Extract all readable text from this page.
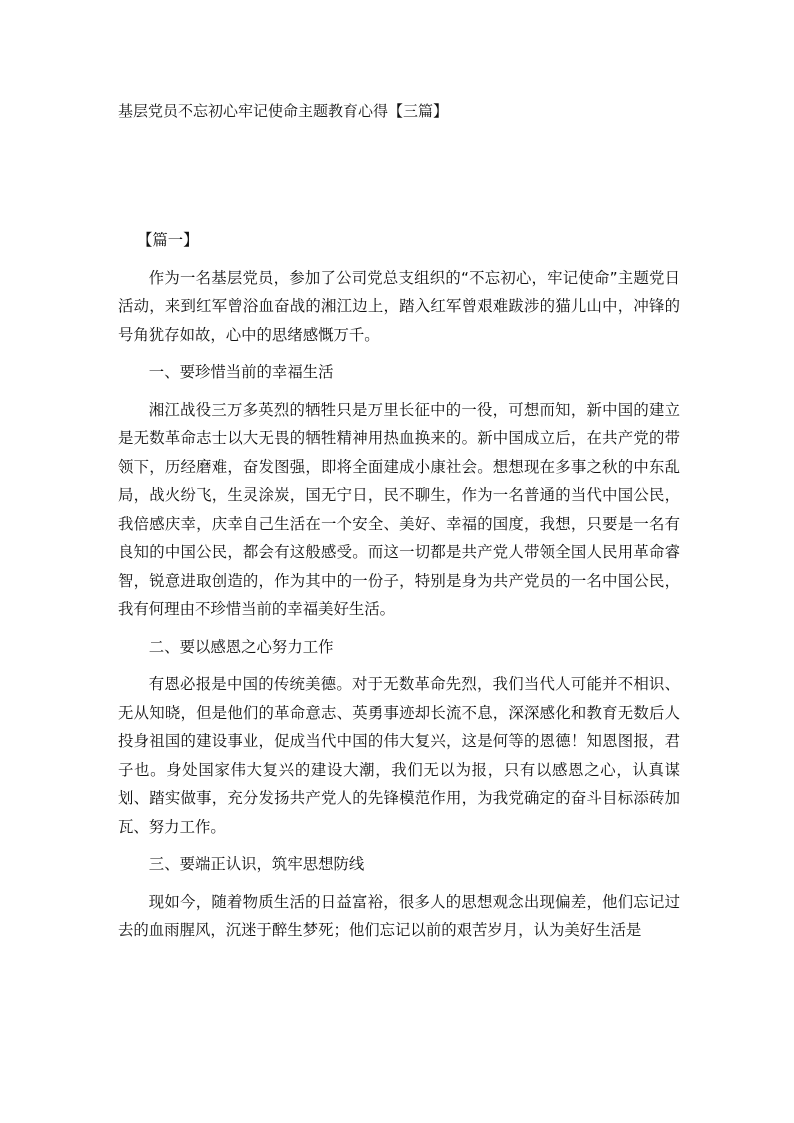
基层党员不忘初心牢记使命主题教育心得【三篇】

【篇一】

作为一名基层党员，参加了公司党总支组织的“不忘初心，牢记使命”主题党日活动，来到红军曾浴血奋战的湘江边上，踏入红军曾艰难跋涉的猫儿山中，冲锋的号角犹存如故，心中的思绪感慨万千。

一、要珍惜当前的幸福生活

湘江战役三万多英烈的牺牲只是万里长征中的一役，可想而知，新中国的建立是无数革命志士以大无畏的牺牲精神用热血换来的。新中国成立后，在共产党的带领下，历经磨难，奋发图强，即将全面建成小康社会。想想现在多事之秋的中东乱局，战火纷飞，生灵涂炭，国无宁日，民不聊生，作为一名普通的当代中国公民，我倍感庆幸，庆幸自己生活在一个安全、美好、幸福的国度，我想，只要是一名有良知的中国公民，都会有这般感受。而这一切都是共产党人带领全国人民用革命睿智，锐意进取创造的，作为其中的一份子，特别是身为共产党员的一名中国公民，我有何理由不珍惜当前的幸福美好生活。

二、要以感恩之心努力工作

有恩必报是中国的传统美德。对于无数革命先烈，我们当代人可能并不相识、无从知晓，但是他们的革命意志、英勇事迹却长流不息，深深感化和教育无数后人投身祖国的建设事业，促成当代中国的伟大复兴，这是何等的恩德！知恩图报，君子也。身处国家伟大复兴的建设大潮，我们无以为报，只有以感恩之心，认真谋划、踏实做事，充分发扬共产党人的先锋模范作用，为我党确定的奋斗目标添砖加瓦、努力工作。

三、要端正认识，筑牢思想防线

现如今，随着物质生活的日益富裕，很多人的思想观念出现偏差，他们忘记过去的血雨腥风，沉迷于醉生梦死；他们忘记以前的艰苦岁月，认为美好生活是
